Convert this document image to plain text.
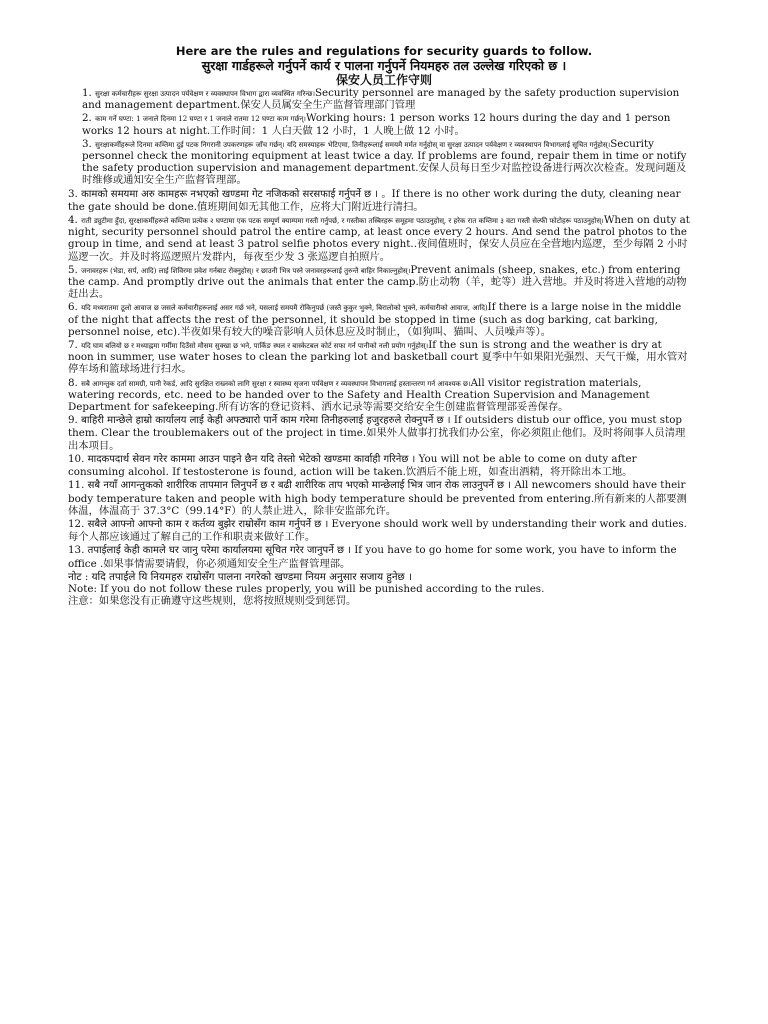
Here are the rules and regulations for security guards to follow.
सुरक्षा गार्डहरूले गर्नुपर्ने कार्य र पालना गर्नुपर्ने नियमहरु तल उल्लेख गरिएको छ ।
保安人员工作守则

1. सुरक्षा कर्मचारीहरू सुरक्षा उत्पादन पर्यवेक्षण र व्यवस्थापन विभाग द्वारा व्यवस्थित गरिन्छ।Security personnel are managed by the safety production supervision and management department.保安人员属安全生产监督管理部门管理

2. काम गर्ने घण्टा: 1 जनाले दिनमा 12 घण्टा र 1 जनाले रातमा 12 घण्टा काम गर्छन्।Working hours: 1 person works 12 hours during the day and 1 person works 12 hours at night.工作时间：1 人白天做 12 小时，1 人晚上做 12 小时。

3. सुरक्षाकर्मीहरूले दिनमा कम्तिमा दुई पटक निगरानी उपकरणहरू जाँच गर्छन्। यदि समस्याहरू भेटिएमा, तिनीहरूलाई समयमै मर्मत गर्नुहोस् वा सुरक्षा उत्पादन पर्यवेक्षण र व्यवस्थापन विभागलाई सूचित गर्नुहोस्।Security personnel check the monitoring equipment at least twice a day. If problems are found, repair them in time or notify the safety production supervision and management department.安保人员每日至少对监控设备进行两次次检查。发现问题及时维修或通知安全生产监督管理部。

3. कामको समयमा अरु कामहरू नभएको खण्डमा गेट नजिकको सरसफाई गर्नुपर्ने छ । 。If there is no other work during the duty, cleaning near the gate should be done.值班期间如无其他工作，应将大门附近进行清扫。

4. राती ड्युटीमा हुँदा, सुरक्षाकर्मीहरूले कम्तिमा प्रत्येक २ घण्टामा एक पटक सम्पूर्ण क्याम्पमा गस्ती गर्नुपर्छ, र गस्तीका तस्बिरहरू समूहमा पठाउनुहोस्, र हरेक रात कम्तिमा ३ वटा गस्ती सेल्फी फोटोहरू पठाउनुहोस्।When on duty at night, security personnel should patrol the entire camp, at least once every 2 hours. And send the patrol photos to the group in time, and send at least 3 patrol selfie photos every night..夜间值班时，保安人员应在全营地内巡逻，至少每隔 2 小时巡逻一次。并及时将巡逻照片发群内，每夜至少发 3 张巡逻自拍照片。

5. जनावरहरू (भेडा, सर्प, आदि) लाई शिविरमा प्रवेश गर्नबाट रोक्नुहोस्। र छाउनी भित्र पस्ने जनावरहरूलाई तुरुन्तै बाहिर निकाल्नुहोस्।Prevent animals (sheep, snakes, etc.) from entering the camp. And promptly drive out the animals that enter the camp.防止动物（羊，蛇等）进入营地。并及时将进入营地的动物赶出去。

6. यदि मध्यरातमा ठूलो आवाज छ जसले कर्मचारीहरूलाई असर गर्छ भने, यसलाई समयमै रोकिनुपर्छ (जस्तै कुकुर भुक्ने, बिरालोको भुक्ने, कर्मचारीको आवाज, आदि)If there is a large noise in the middle of the night that affects the rest of the personnel, it should be stopped in time (such as dog barking, cat barking, personnel noise, etc).半夜如果有较大的噪音影响人员休息应及时制止，（如狗叫、猫叫、人员噪声等）。

7. यदि घाम बलियो छ र मध्याह्नमा गर्मीमा दिउँसो मौसम सुक्खा छ भने, पार्किङ स्थल र बास्केटबल कोर्ट सफा गर्न पानीको नली प्रयोग गर्नुहोस्।If the sun is strong and the weather is dry at noon in summer, use water hoses to clean the parking lot and basketball court 夏季中午如果阳光强烈、天气干燥，用水管对停车场和篮球场进行扫水。

8. सबै आगन्तुक दर्ता सामग्री, पानी रेकर्ड, आदि सुरक्षित राख्नको लागि सुरक्षा र स्वास्थ्य सृजना पर्यवेक्षण र व्यवस्थापन विभागलाई हस्तान्तरण गर्न आवश्यक छ।All visitor registration materials, watering records, etc. need to be handed over to the Safety and Health Creation Supervision and Management Department for safekeeping.所有访客的登记资料、洒水记录等需要交给安全生创建监督管理部妥善保存。

9. बाहिरी मान्छेले हाम्रो कार्यालय लाई केही अफ्ठ्यारो पार्ने काम गरेमा तिनीहरुलाई हजुरहरुले रोक्नुपर्ने छ । If outsiders distub our office, you must stop them. Clear the troublemakers out of the project in time.如果外人做事打扰我们办公室，你必须阻止他们。及时将闹事人员清理出本项目。

10. मादकपदार्थ सेवन गरेर काममा आउन पाइने छैन यदि तेस्तो भेटेको खण्डमा कार्वाही गरिनेछ । You will not be able to come on duty after consuming alcohol. If testosterone is found, action will be taken.饮酒后不能上班，如查出酒精，将开除出本工地。

11. सबै नयाँ आगन्तुकको शारीरिक तापमान लिनुपर्ने छ र बढी शारीरिक ताप भएको मान्छेलाई भित्र जान रोक लाउनुपर्ने छ । All newcomers should have their body temperature taken and people with high body temperature should be prevented from entering.所有新来的人都要测体温，体温高于 37.3°C（99.14°F）的人禁止进入，除非安监部允许。

12. सबैले आफ्नो आफ्नो काम र कर्तव्य बुझेर राम्रोसँग काम गर्नुपर्ने छ । Everyone should work well by understanding their work and duties.每个人都应该通过了解自己的工作和职责来做好工作。

13. तपाईलाई केही कामले घर जानु परेमा कार्यालयमा सूचित गरेर जानुपर्ने छ । If you have to go home for some work, you have to inform the office .如果事情需要请假，你必须通知安全生产监督管理部。

नोट : यदि तपाईले यि नियमहरु राम्रोसँग पालना नगरेको खण्डमा नियम अनुसार सजाय हुनेछ ।

Note: If you do not follow these rules properly, you will be punished according to the rules.

注意：如果您没有正确遵守这些规则，您将按照规则受到惩罚。
